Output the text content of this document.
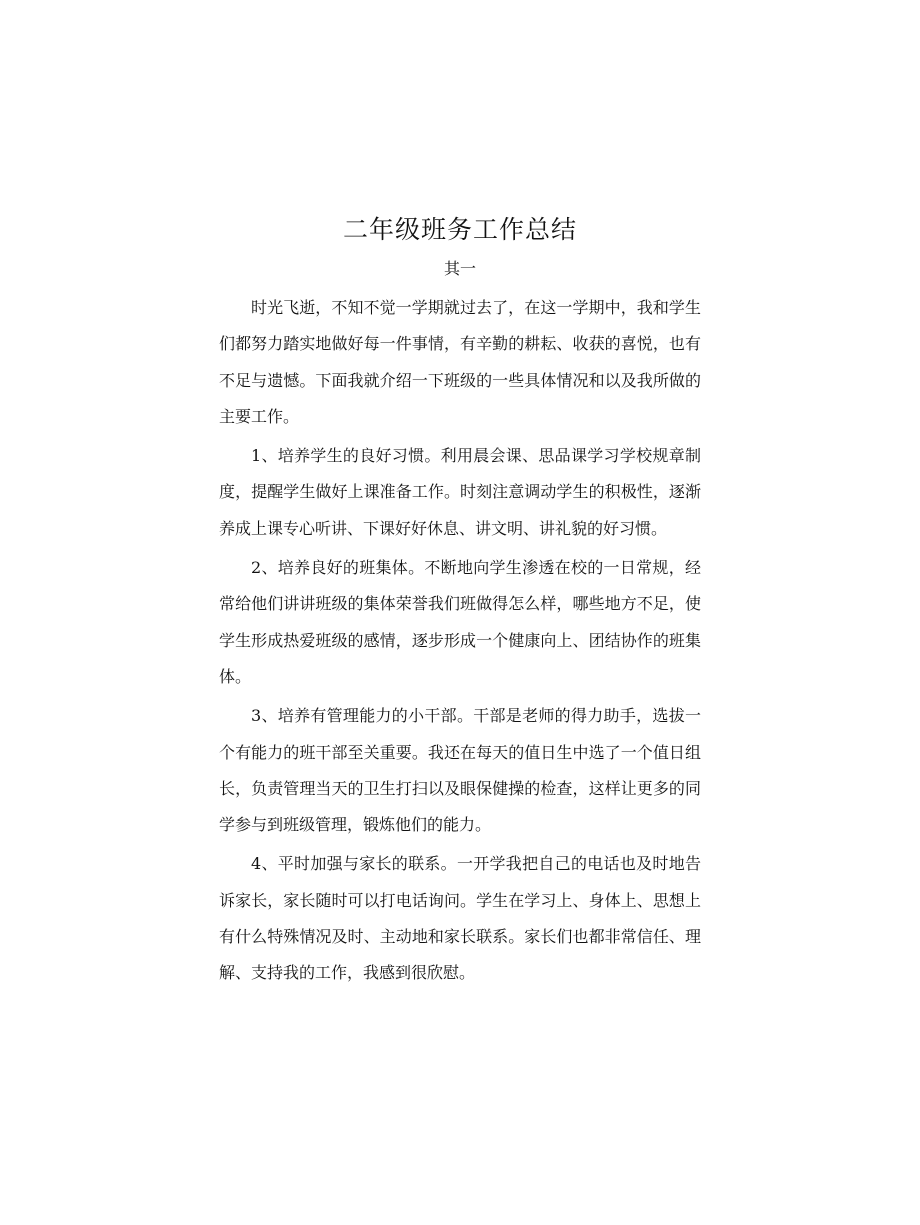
二年级班务工作总结
其一

时光飞逝，不知不觉一学期就过去了，在这一学期中，我和学生们都努力踏实地做好每一件事情，有辛勤的耕耘、收获的喜悦，也有不足与遗憾。下面我就介绍一下班级的一些具体情况和以及我所做的主要工作。

1、培养学生的良好习惯。利用晨会课、思品课学习学校规章制度，提醒学生做好上课准备工作。时刻注意调动学生的积极性，逐渐养成上课专心听讲、下课好好休息、讲文明、讲礼貌的好习惯。

2、培养良好的班集体。不断地向学生渗透在校的一日常规，经常给他们讲讲班级的集体荣誉我们班做得怎么样，哪些地方不足，使学生形成热爱班级的感情，逐步形成一个健康向上、团结协作的班集体。

3、培养有管理能力的小干部。干部是老师的得力助手，选拔一个有能力的班干部至关重要。我还在每天的值日生中选了一个值日组长，负责管理当天的卫生打扫以及眼保健操的检查，这样让更多的同学参与到班级管理，锻炼他们的能力。

4、平时加强与家长的联系。一开学我把自己的电话也及时地告诉家长，家长随时可以打电话询问。学生在学习上、身体上、思想上有什么特殊情况及时、主动地和家长联系。家长们也都非常信任、理解、支持我的工作，我感到很欣慰。
